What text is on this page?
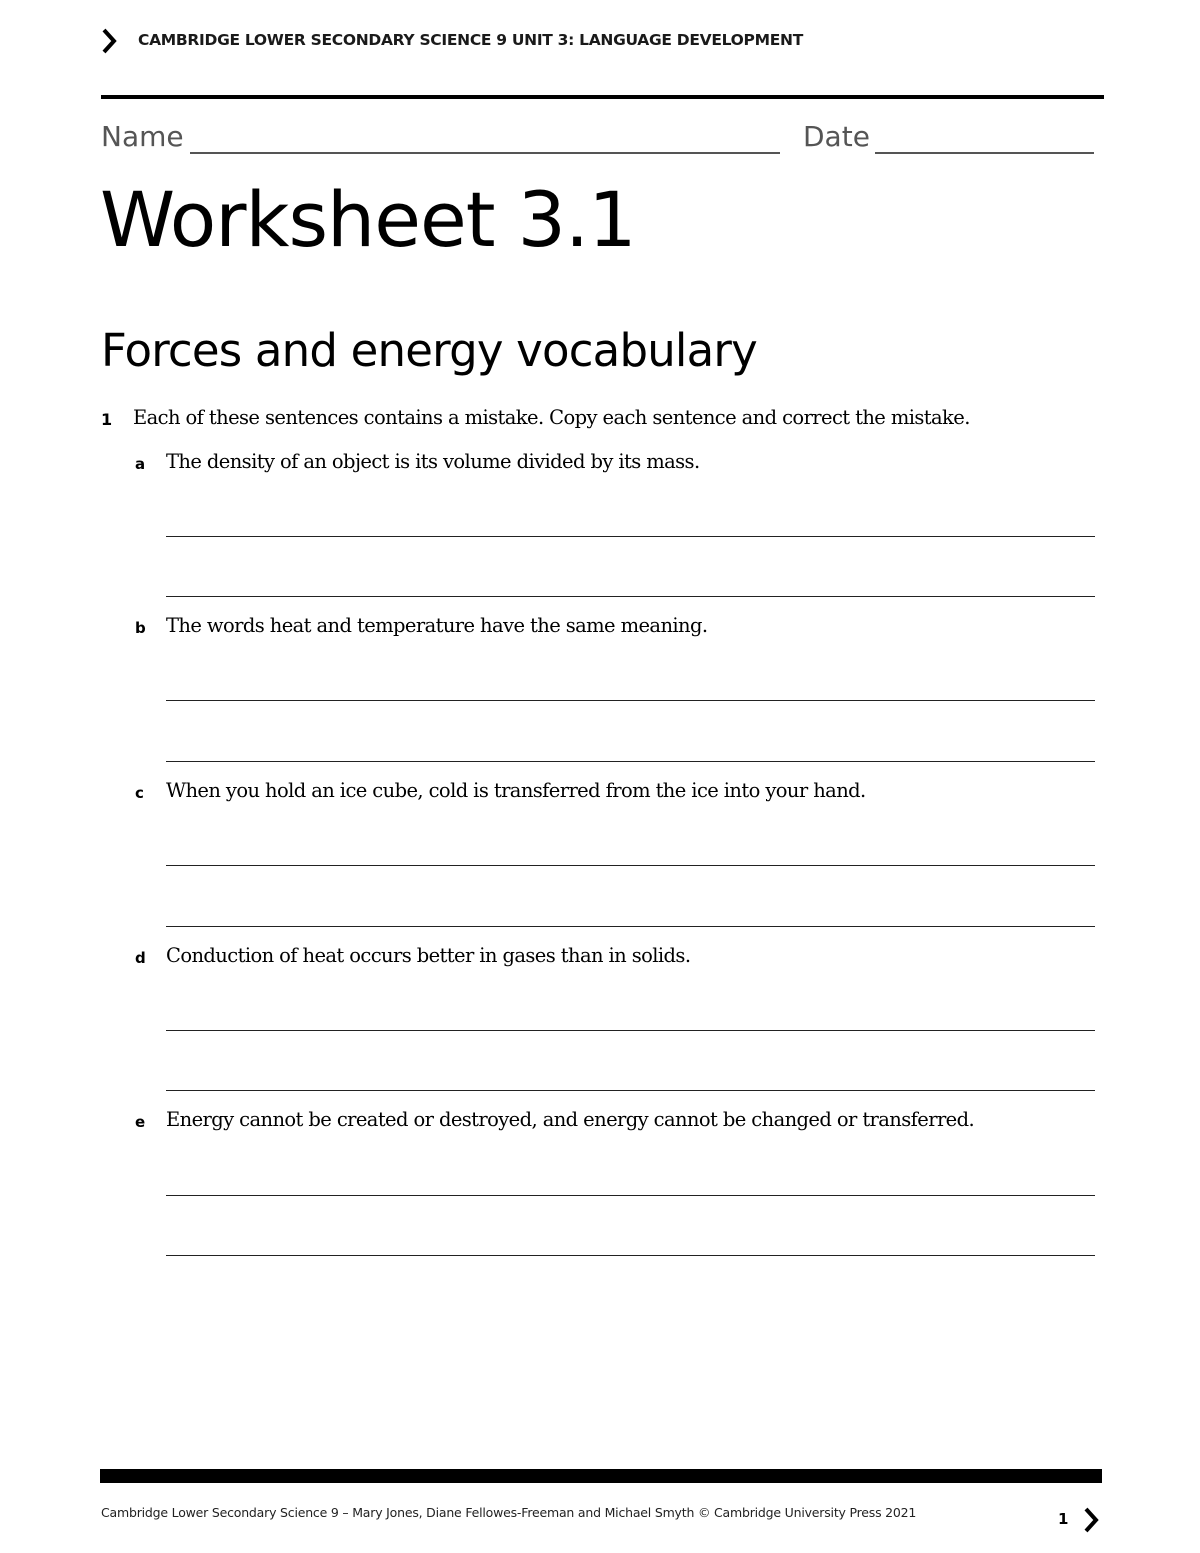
CAMBRIDGE LOWER SECONDARY SCIENCE 9 UNIT 3: LANGUAGE DEVELOPMENT
Name	Date
Worksheet 3.1
Forces and energy vocabulary
1 Each of these sentences contains a mistake. Copy each sentence and correct the mistake.
a The density of an object is its volume divided by its mass.
b The words heat and temperature have the same meaning.
c When you hold an ice cube, cold is transferred from the ice into your hand.
d Conduction of heat occurs better in gases than in solids.
e Energy cannot be created or destroyed, and energy cannot be changed or transferred.
Cambridge Lower Secondary Science 9 – Mary Jones, Diane Fellowes-Freeman and Michael Smyth © Cambridge University Press 2021	1
